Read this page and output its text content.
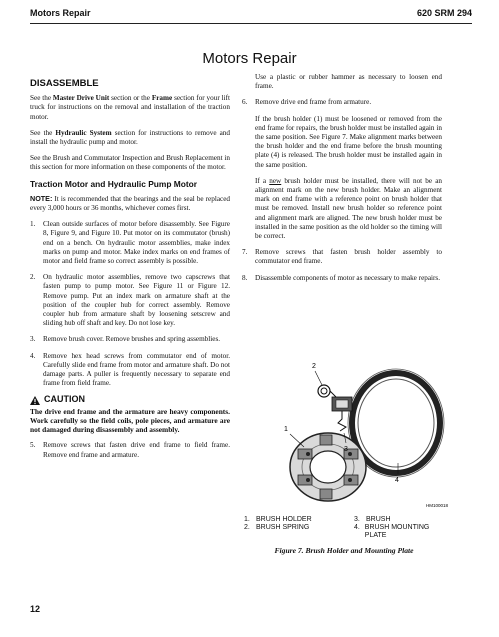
Motors Repair	620 SRM 294
Motors Repair
DISASSEMBLE

See the Master Drive Unit section or the Frame section for your lift truck for instructions on the removal and installation of the traction motor.

See the Hydraulic System section for instructions to remove and install the hydraulic pump and motor.

See the Brush and Commutator Inspection and Brush Replacement in this section for more information on these components of the motor.

Traction Motor and Hydraulic Pump Motor

NOTE: It is recommended that the bearings and the seal be replaced every 3,000 hours or 36 months, whichever comes first.

1.	Clean outside surfaces of motor before disassembly. See Figure 8, Figure 9, and Figure 10. Put motor on its commutator (brush) end on a bench. On hydraulic motor assemblies, make index marks on pump and motor. Make index marks on end frames of motor and field frame so correct assembly is possible.
2.	On hydraulic motor assemblies, remove two capscrews that fasten pump to pump motor. See Figure 11 or Figure 12. Remove pump. Put an index mark on armature shaft at the position of the coupler hub for correct assembly. Remove coupler hub from armature shaft by loosening setscrew and sliding hub off shaft and key. Do not lose key.
3.	Remove brush cover. Remove brushes and spring assemblies.
4.	Remove hex head screws from commutator end of motor. Carefully slide end frame from motor and armature shaft. Do not damage parts. A puller is frequently necessary to separate end frame from field frame.
CAUTION
The drive end frame and the armature are heavy components. Work carefully so the field coils, pole pieces, and armature are not damaged during disassembly and assembly.
5.	Remove screws that fasten drive end frame to field frame. Remove end frame and armature.

Use a plastic or rubber hammer as necessary to loosen end frame.

6.	Remove drive end frame from armature.

If the brush holder (1) must be loosened or removed from the end frame for repairs, the brush holder must be installed again in the same position. See Figure 7. Make alignment marks between the brush holder and the end frame before the brush mounting plate (4) is released. The brush holder must be installed again in the same position.

If a new brush holder must be installed, there will not be an alignment mark on the new brush holder. Make an alignment mark on end frame with a reference point on brush holder that must be removed. Install new brush holder so reference point and alignment mark are aligned. The new brush holder must be installed in the same position as the old holder so the timing will be correct.

7.	Remove screws that fasten brush holder assembly to commutator end frame.
8.	Disassemble components of motor as necessary to make repairs.
2
1
3
4
HM100018
1. BRUSH HOLDER	3. BRUSH
2. BRUSH SPRING	4. BRUSH MOUNTING PLATE
Figure 7. Brush Holder and Mounting Plate
12
